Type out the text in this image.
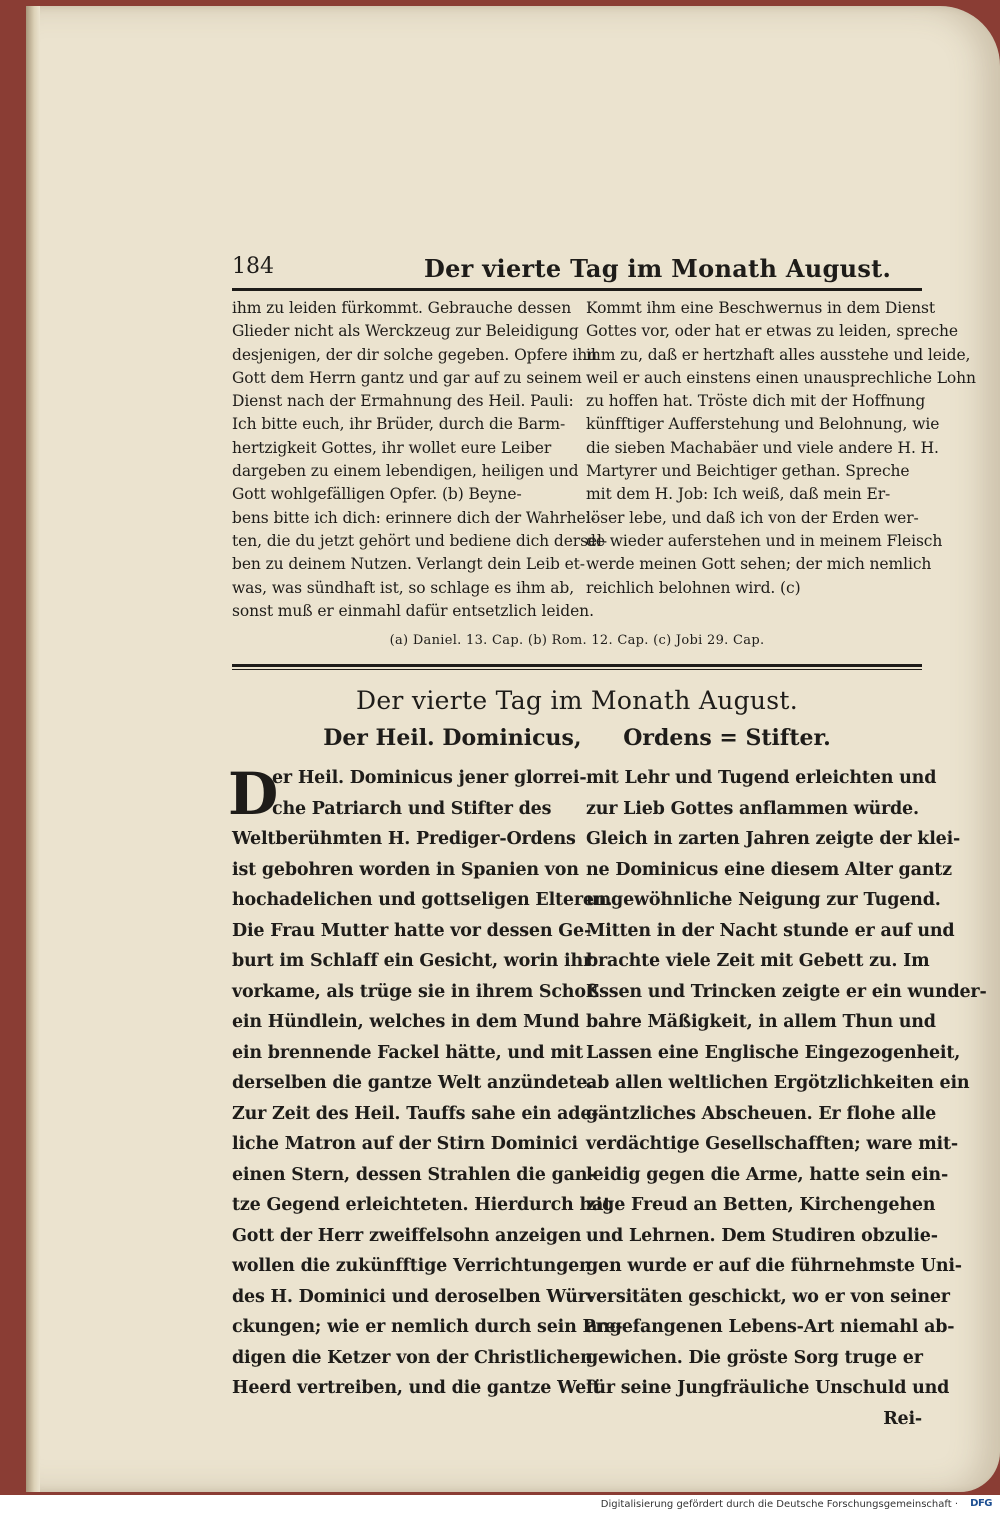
184	Der vierte Tag im Monath August.
ihm zu leiden fürkommt. Gebrauche dessen
Glieder nicht als Werckzeug zur Beleidigung
desjenigen, der dir solche gegeben. Opfere ihn
Gott dem Herrn gantz und gar auf zu seinem
Dienst nach der Ermahnung des Heil. Pauli:
Ich bitte euch, ihr Brüder, durch die Barm-
hertzigkeit Gottes, ihr wollet eure Leiber
dargeben zu einem lebendigen, heiligen und
Gott wohlgefälligen Opfer. (b) Beyne-
bens bitte ich dich: erinnere dich der Wahrhei-
ten, die du jetzt gehört und bediene dich dersel-
ben zu deinem Nutzen. Verlangt dein Leib et-
was, was sündhaft ist, so schlage es ihm ab,
sonst muß er einmahl dafür entsetzlich leiden.
Kommt ihm eine Beschwernus in dem Dienst
Gottes vor, oder hat er etwas zu leiden, spreche
ihm zu, daß er hertzhaft alles ausstehe und leide,
weil er auch einstens einen unausprechliche Lohn
zu hoffen hat. Tröste dich mit der Hoffnung
künfftiger Aufferstehung und Belohnung, wie
die sieben Machabäer und viele andere H. H.
Martyrer und Beichtiger gethan. Spreche
mit dem H. Job: Ich weiß, daß mein Er-
löser lebe, und daß ich von der Erden wer-
de wieder auferstehen und in meinem Fleisch
werde meinen Gott sehen; der mich nemlich
reichlich belohnen wird. (c)
(a) Daniel. 13. Cap. (b) Rom. 12. Cap. (c) Jobi 29. Cap.
Der vierte Tag im Monath August.
Der Heil. Dominicus, Ordens = Stifter.
D
er Heil. Dominicus jener glorrei-
che Patriarch und Stifter des
Weltberühmten H. Prediger-Ordens
ist gebohren worden in Spanien von
hochadelichen und gottseligen Elteren.
Die Frau Mutter hatte vor dessen Ge-
burt im Schlaff ein Gesicht, worin ihr
vorkame, als trüge sie in ihrem Schoß
ein Hündlein, welches in dem Mund
ein brennende Fackel hätte, und mit
derselben die gantze Welt anzündete.
Zur Zeit des Heil. Tauffs sahe ein ade-
liche Matron auf der Stirn Dominici
einen Stern, dessen Strahlen die gan-
tze Gegend erleichteten. Hierdurch hat
Gott der Herr zweiffelsohn anzeigen
wollen die zukünfftige Verrichtungen
des H. Dominici und deroselben Wür-
ckungen; wie er nemlich durch sein Pre-
digen die Ketzer von der Christlichen
Heerd vertreiben, und die gantze Welt
mit Lehr und Tugend erleichten und
zur Lieb Gottes anflammen würde.
Gleich in zarten Jahren zeigte der klei-
ne Dominicus eine diesem Alter gantz
ungewöhnliche Neigung zur Tugend.
Mitten in der Nacht stunde er auf und
brachte viele Zeit mit Gebett zu. Im
Essen und Trincken zeigte er ein wunder-
bahre Mäßigkeit, in allem Thun und
Lassen eine Englische Eingezogenheit,
ab allen weltlichen Ergötzlichkeiten ein
gäntzliches Abscheuen. Er flohe alle
verdächtige Gesellschafften; ware mit-
leidig gegen die Arme, hatte sein ein-
zige Freud an Betten, Kirchengehen
und Lehrnen. Dem Studiren obzulie-
gen wurde er auf die führnehmste Uni-
versitäten geschickt, wo er von seiner
angefangenen Lebens-Art niemahl ab-
gewichen. Die gröste Sorg truge er
für seine Jungfräuliche Unschuld und
Rei-
Digitalisierung gefördert durch die Deutsche Forschungsgemeinschaft · DFG
